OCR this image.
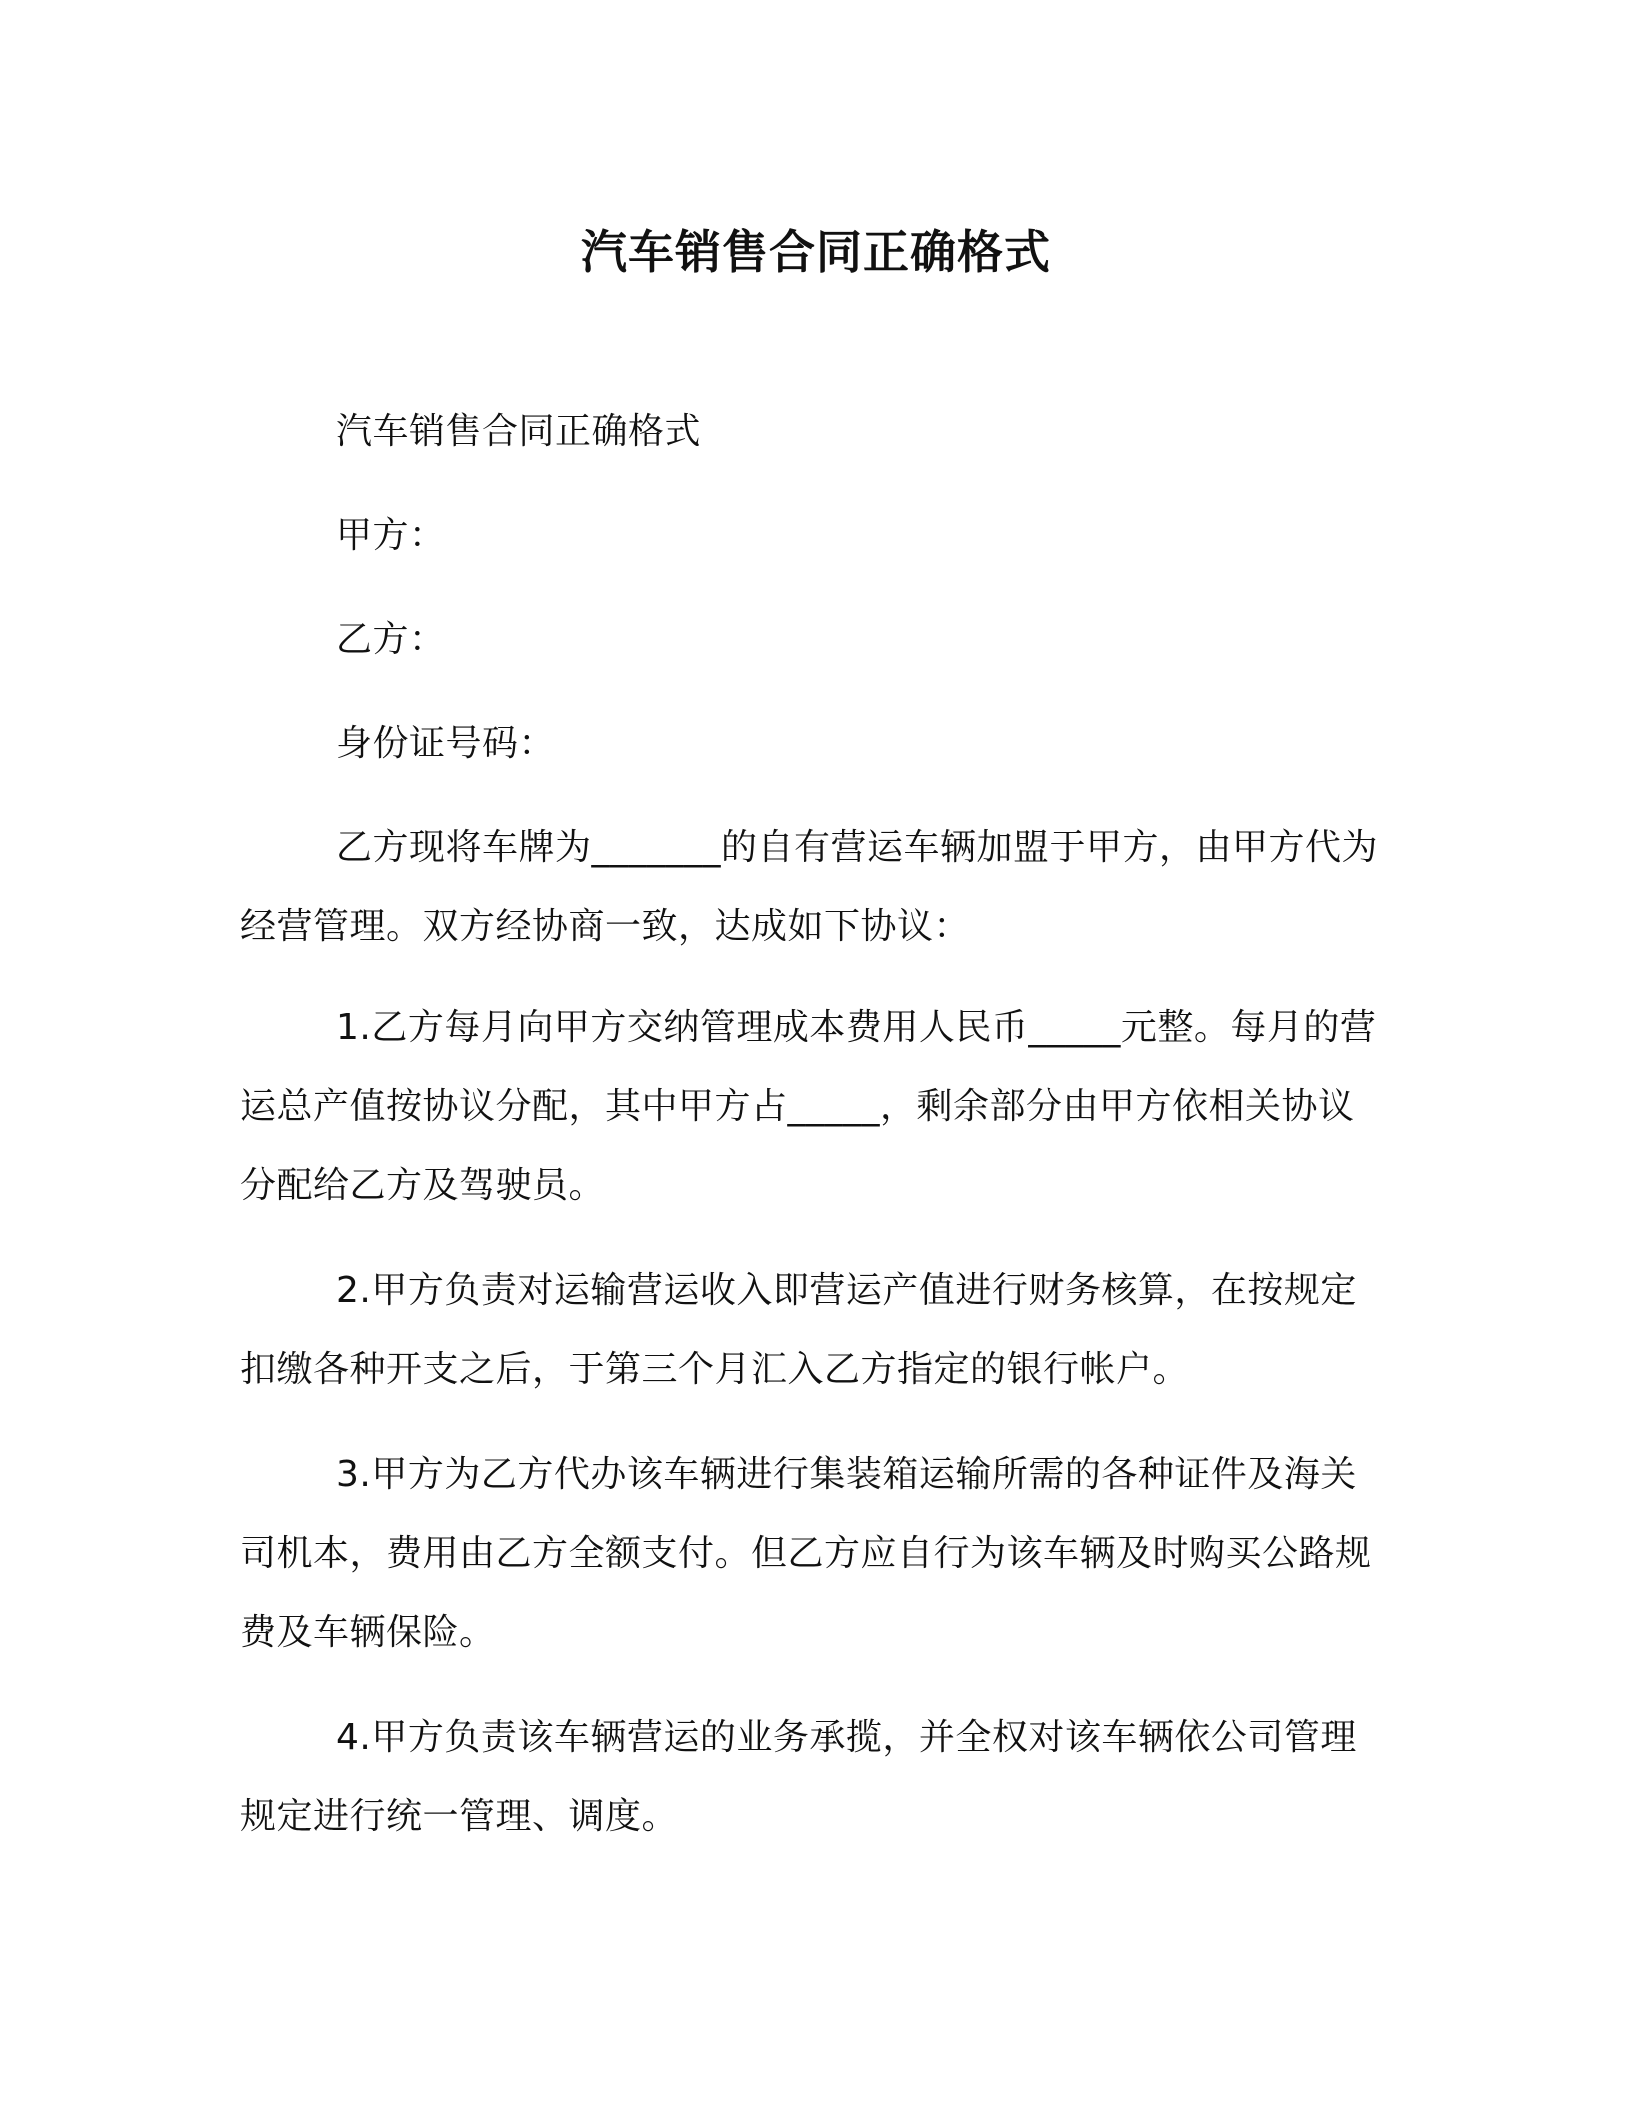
汽车销售合同正确格式

汽车销售合同正确格式

甲方：

乙方：

身份证号码：

乙方现将车牌为_______的自有营运车辆加盟于甲方，由甲方代为经营管理。双方经协商一致，达成如下协议：

1.乙方每月向甲方交纳管理成本费用人民币_____元整。每月的营运总产值按协议分配，其中甲方占_____，剩余部分由甲方依相关协议分配给乙方及驾驶员。

2.甲方负责对运输营运收入即营运产值进行财务核算，在按规定扣缴各种开支之后，于第三个月汇入乙方指定的银行帐户。

3.甲方为乙方代办该车辆进行集装箱运输所需的各种证件及海关司机本，费用由乙方全额支付。但乙方应自行为该车辆及时购买公路规费及车辆保险。

4.甲方负责该车辆营运的业务承揽，并全权对该车辆依公司管理规定进行统一管理、调度。
